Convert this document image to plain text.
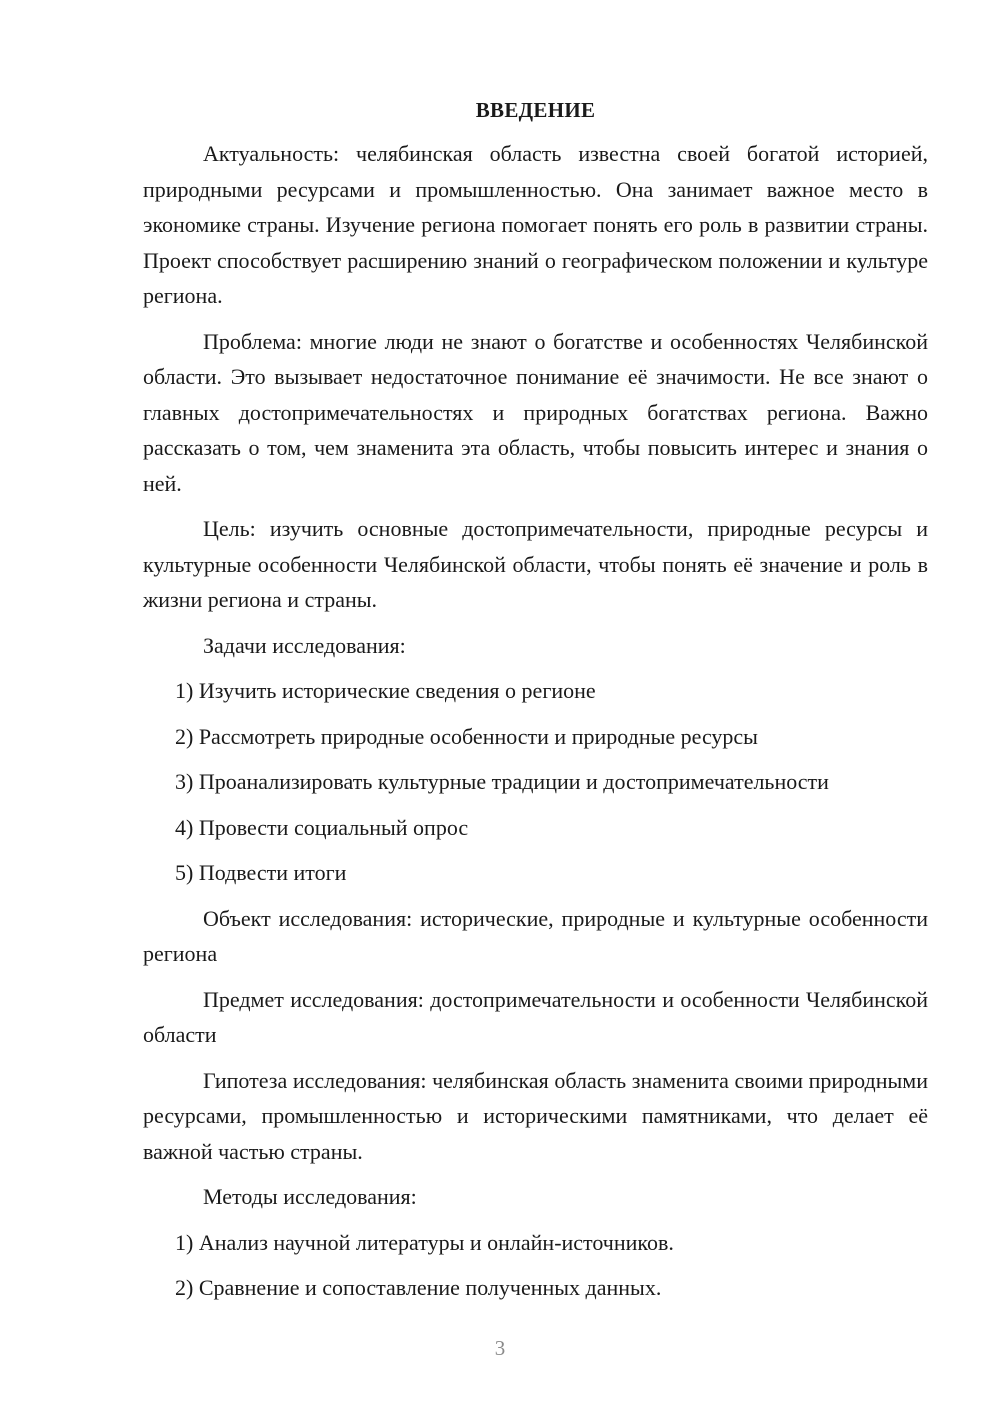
ВВЕДЕНИЕ
Актуальность: челябинская область известна своей богатой историей, природными ресурсами и промышленностью. Она занимает важное место в экономике страны. Изучение региона помогает понять его роль в развитии страны. Проект способствует расширению знаний о географическом положении и культуре региона.
Проблема: многие люди не знают о богатстве и особенностях Челябинской области. Это вызывает недостаточное понимание её значимости. Не все знают о главных достопримечательностях и природных богатствах региона. Важно рассказать о том, чем знаменита эта область, чтобы повысить интерес и знания о ней.
Цель: изучить основные достопримечательности, природные ресурсы и культурные особенности Челябинской области, чтобы понять её значение и роль в жизни региона и страны.
Задачи исследования:
1) Изучить исторические сведения о регионе
2) Рассмотреть природные особенности и природные ресурсы
3) Проанализировать культурные традиции и достопримечательности
4) Провести социальный опрос
5) Подвести итоги
Объект исследования: исторические, природные и культурные особенности региона
Предмет исследования: достопримечательности и особенности Челябинской области
Гипотеза исследования: челябинская область знаменита своими природными ресурсами, промышленностью и историческими памятниками, что делает её важной частью страны.
Методы исследования:
1) Анализ научной литературы и онлайн-источников.
2) Сравнение и сопоставление полученных данных.
3
